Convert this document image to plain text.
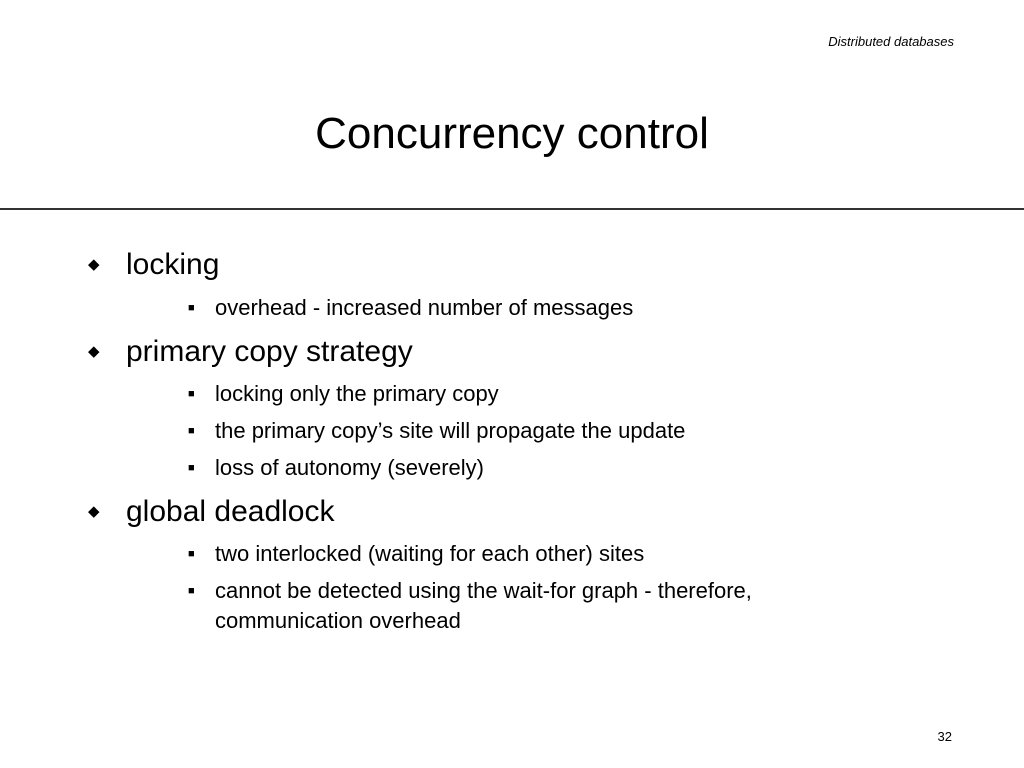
Distributed databases
Concurrency control
◆ locking
■ overhead - increased number of messages
◆ primary copy strategy
■ locking only the primary copy
■ the primary copy’s site will propagate the update
■ loss of autonomy (severely)
◆ global deadlock
■ two interlocked (waiting for each other) sites
■ cannot be detected using the wait-for graph - therefore, communication overhead
32
